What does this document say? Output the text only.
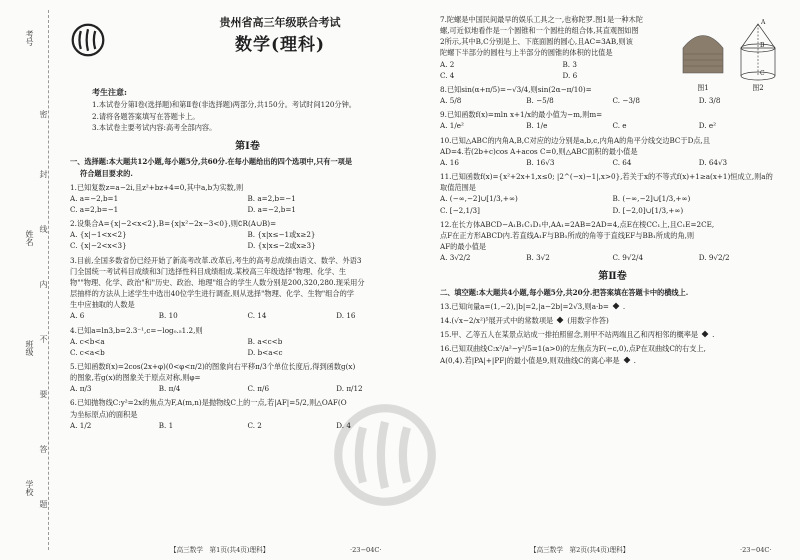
考号
姓名
班级
学校
密
封
线
内
不
要
答
题
贵州省高三年级联合考试
数学(理科)
考生注意:
1.本试卷分第Ⅰ卷(选择题)和第Ⅱ卷(非选择题)两部分,共150分。考试时间120分钟。
2.请将各题答案填写在答题卡上。
3.本试卷主要考试内容:高考全部内容。
第Ⅰ卷
一、选择题:本大题共12小题,每小题5分,共60分.在每小题给出的四个选项中,只有一项是
符合题目要求的.
1.已知复数z=a−2i,且z²+bz+4=0,其中a,b为实数,则
A. a=−2,b=1	B. a=2,b=−1
C. a=2,b=−1	D. a=−2,b=1
2.设集合A={x|−2<x<2},B={x|x²−2x−3<0},则∁R(A∪B)=
A. {x|−1<x<2}	B. {x|x≤−1或x≥2}
C. {x|−2<x<3}	D. {x|x≤−2或x≥3}
3.目前,全国多数省份已经开始了新高考改革.改革后,考生的高考总成绩由语文、数学、外语3
门全国统一考试科目成绩和3门选择性科目成绩组成.某校高三年级选择"物理、化学、生
物""物理、化学、政治"和"历史、政治、地理"组合的学生人数分别是200,320,280.现采用分
层抽样的方法从上述学生中选出40位学生进行调查,则从选择"物理、化学、生物"组合的学
生中应抽取的人数是
A. 6	B. 10	C. 14	D. 16
4.已知a=ln3,b=2.3⁻¹,c=−log₀.₅1.2,则
A. c<b<a	B. a<c<b
C. c<a<b	D. b<a<c
5.已知函数f(x)=2cos(2x+φ)(0<φ<π/2)的图象向右平移π/3个单位长度后,得到函数g(x)
的图象,若g(x)的图象关于原点对称,则φ=
A. π/3	B. π/4	C. π/6	D. π/12
6.已知抛物线C:y²=2x的焦点为F,A(m,n)是抛物线C上的一点,若|AF|=5/2,则△OAF(O
为坐标原点)的面积是
A. 1/2	B. 1	C. 2	D. 4
7.陀螺是中国民间最早的娱乐工具之一,也称陀罗.图1是一种木陀
螺,可近似地看作是一个圆锥和一个圆柱的组合体,其直观图如图
2所示,其中B,C分别是上、下底面圆的圆心,且AC=3AB,则该
陀螺下半部分的圆柱与上半部分的圆锥的体积的比值是
A. 2	B. 3
C. 4	D. 6
图1	图2
A
B
C
8.已知sin(α+π/5)=−√3/4,则sin(2α−π/10)=
A. 5/8	B. −5/8	C. −3/8	D. 3/8
9.已知函数f(x)=mln x+1/x的最小值为−m,则m=
A. 1/e²	B. 1/e	C. e	D. e²
10.已知△ABC的内角A,B,C对应的边分别是a,b,c,内角A的角平分线交边BC于D点,且
AD=4.若(2b+c)cos A+acos C=0,则△ABC面积的最小值是
A. 16	B. 16√3	C. 64	D. 64√3
11.已知函数f(x)={x²+2x+1,x≤0; |2^(−x)−1|,x>0},若关于x的不等式f(x)+1≥a(x+1)恒成立,则a的
取值范围是
A. (−∞,−2]∪[1/3,+∞)	B. (−∞,−2]∪[1/3,+∞)
C. [−2,1/3]	D. [−2,0]∪[1/3,+∞)
12.在长方体ABCD−A₁B₁C₁D₁中,AA₁=2AB=2AD=4,点E在棱CC₁上,且C₁E=2CE,
点F在正方形ABCD内.若直线A₁F与BB₁所成的角等于直线EF与BB₁所成的角,则
AF的最小值是
A. 3√2/2	B. 3√2	C. 9√2/4	D. 9√2/2
第Ⅱ卷
二、填空题:本大题共4小题,每小题5分,共20分.把答案填在答题卡中的横线上.
13.已知向量a=(1,−2),|b|=2,|a−2b|=2√3,则a·b= .
14.(√x−2/x²)⁵展开式中的常数项是 (用数字作答)
15.甲、乙等五人在某景点站成一排拍照留念,则甲不站两端且乙和丙相邻的概率是 .
16.已知双曲线C:x²/a²−y²/5=1(a>0)的左焦点为F(−c,0),点P在双曲线C的右支上,
A(0,4).若|PA|+|PF|的最小值是9,则双曲线C的离心率是 .
【高三数学　第1页(共4页)理科】	·23−04C·	【高三数学　第2页(共4页)理科】	·23−04C·
